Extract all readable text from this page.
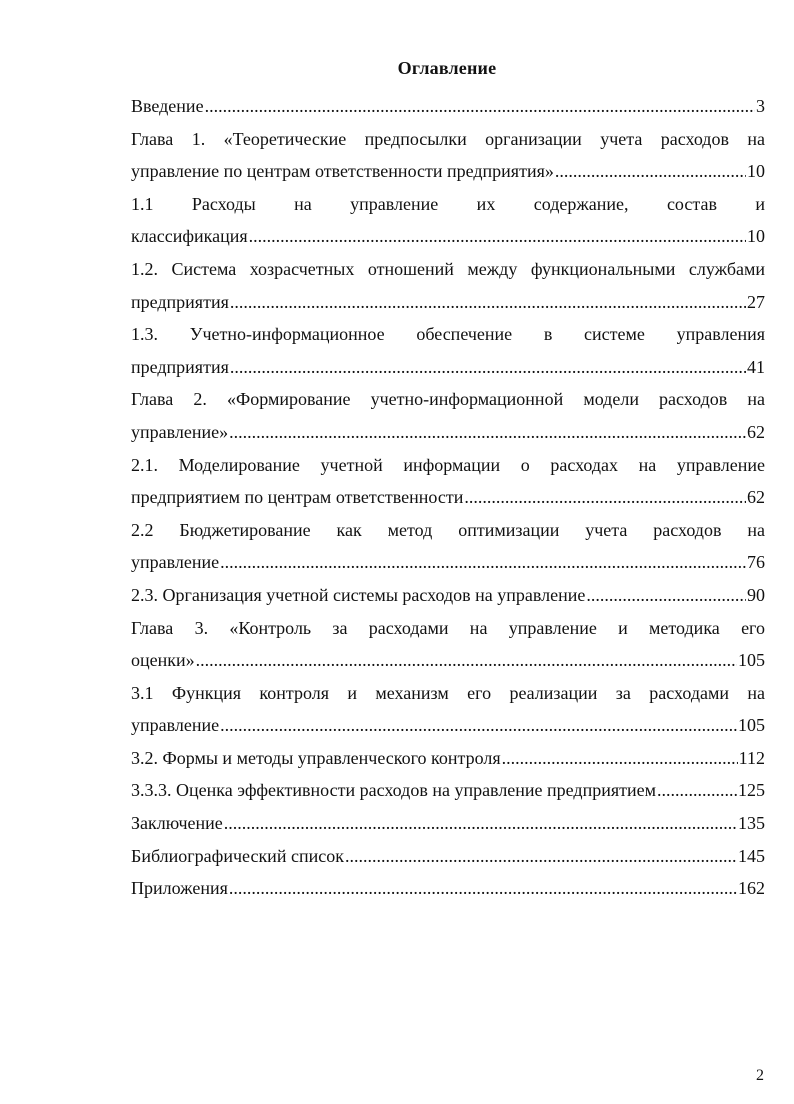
Оглавление
Введение .....	3
Глава 1. «Теоретические предпосылки организации учета расходов на
управление по центрам ответственности предприятия» .....	10
1.1 Расходы на управление их содержание, состав и
классификация .....	10
1.2. Система хозрасчетных отношений между функциональными службами
предприятия .....	27
1.3. Учетно-информационное обеспечение в системе управления
предприятия .....	41
Глава 2. «Формирование учетно-информационной модели расходов на
управление» .....	62
2.1. Моделирование учетной информации о расходах на управление
предприятием по центрам ответственности .....	62
2.2 Бюджетирование как метод оптимизации учета расходов на
управление .....	76
2.3. Организация учетной системы расходов на управление .....	90
Глава 3. «Контроль за расходами на управление и методика его
оценки» .....	105
3.1 Функция контроля и механизм его реализации за расходами на
управление .....	105
3.2. Формы и методы управленческого контроля .....	112
3.3.3. Оценка эффективности расходов на управление предприятием .....	125
Заключение .....	135
Библиографический список .....	145
Приложения .....	162
2
